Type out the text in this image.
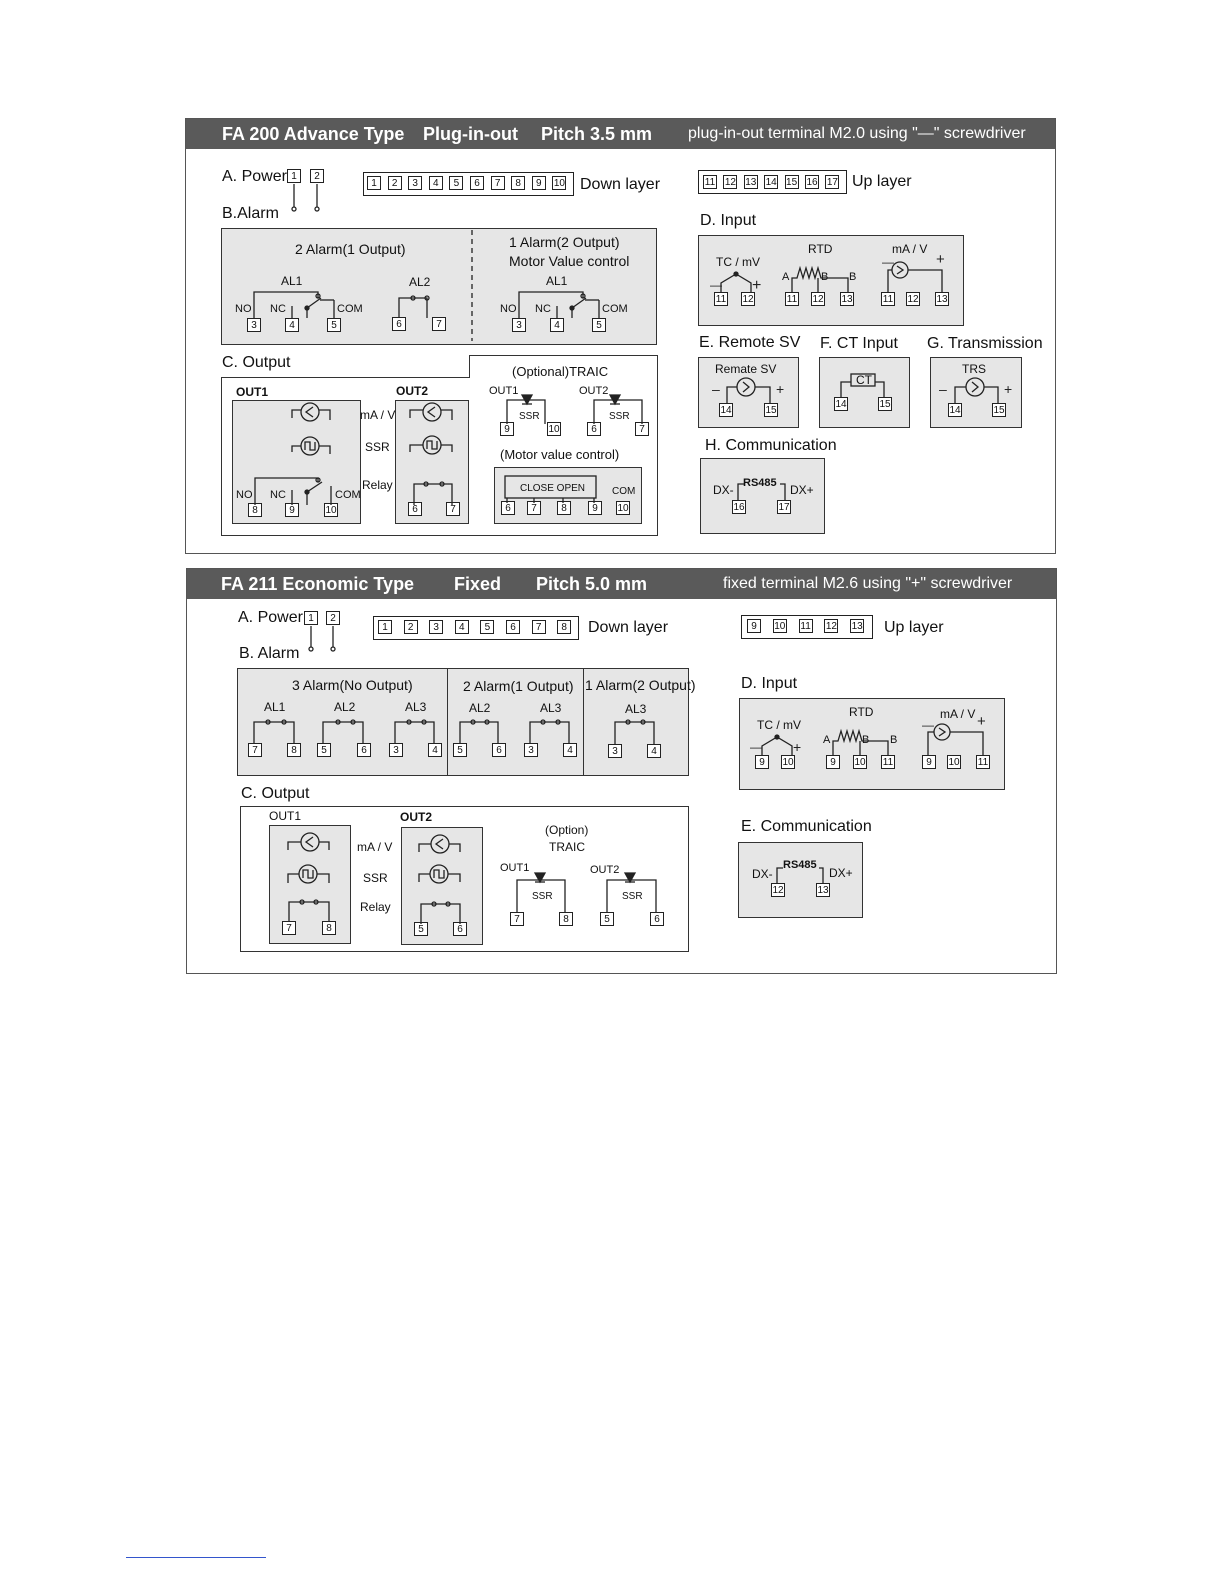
FA 200 Advance Type Plug-in-out Pitch 3.5 mm plug-in-out terminal M2.0 using "—" screwdriver
A. Power 1	2
B.Alarm
1	2	3	4	5	6	7	8	9	10 Down layer	11 12 13 14 15 16 17 Up layer
2 Alarm(1 Output)	1 Alarm(2 Output)
Motor Value control
AL1	AL2	AL1
NO NC	COM	NO NC	COM
3	4	5	6	7	3	4	5
C. Output
OUT1	OUT2
mA / V
SSR
Relay
NO NC	COM
8	9	10	6	7
(Optional)TRAIC
OUT1	OUT2
SSR	SSR
(Motor value control)
CLOSE OPEN	COM
9	10	6	7
6	7	8	9	10
D. Input
TC / mV
RTD	mA / V
A	B B
11 12	11 12 13	11 12 13
E. Remote SV
Remate SV
F. CT Input
CT
G. Transmission
TRS
14	15
14	15
14	15
H. Communication
RS485
DX-	DX+
16	17
FA 211 Economic Type Fixed Pitch 5.0 mm	fixed terminal M2.6 using "+" screwdriver
A. Power 1	2
B. Alarm
1	2	3	4	5	6	7	8 Down layer	9	10 11 12 13 Up layer
3 Alarm(No Output)	2 Alarm(1 Output) 1 Alarm(2 Output)
AL1	AL2	AL3	AL2	AL3	AL3
7	8	5	6	3	4	5	6	3	4	3	4
C. Output
OUT1	OUT2
mA / V
SSR
Relay
(Option)
TRAIC
OUT1	OUT2
SSR	SSR
7	8	5	6
7	8	5	6
D. Input
TC / mV
RTD	mA / V
A	B B
9	10	9	10 11	9	10 11
E. Communication
RS485
DX-	DX+
12	13
— +
—	+
–	+	–	+
— +
—	+
